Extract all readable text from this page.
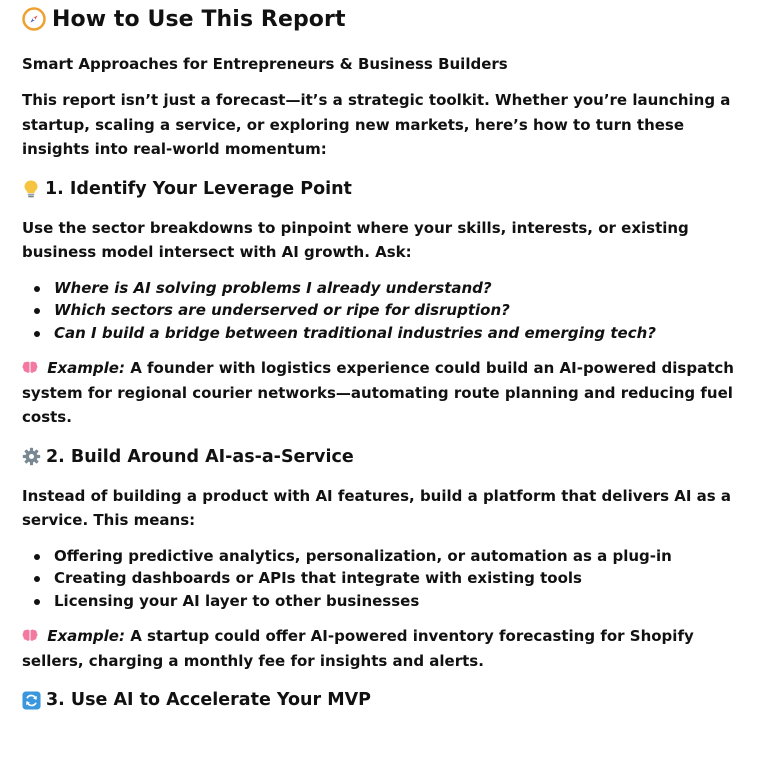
How to Use This Report

Smart Approaches for Entrepreneurs & Business Builders

This report isn’t just a forecast—it’s a strategic toolkit. Whether you’re launching a startup, scaling a service, or exploring new markets, here’s how to turn these insights into real-world momentum:

1. Identify Your Leverage Point

Use the sector breakdowns to pinpoint where your skills, interests, or existing business model intersect with AI growth. Ask:

Where is AI solving problems I already understand?
Which sectors are underserved or ripe for disruption?
Can I build a bridge between traditional industries and emerging tech?

Example: A founder with logistics experience could build an AI-powered dispatch system for regional courier networks—automating route planning and reducing fuel costs.

2. Build Around AI-as-a-Service

Instead of building a product with AI features, build a platform that delivers AI as a service. This means:

Offering predictive analytics, personalization, or automation as a plug-in
Creating dashboards or APIs that integrate with existing tools
Licensing your AI layer to other businesses

Example: A startup could offer AI-powered inventory forecasting for Shopify sellers, charging a monthly fee for insights and alerts.

3. Use AI to Accelerate Your MVP
